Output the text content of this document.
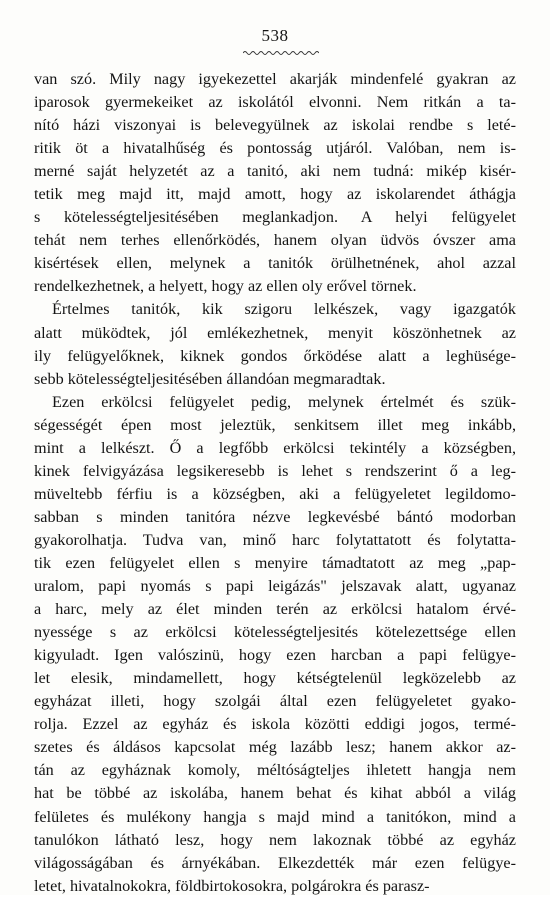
538
van szó. Mily nagy igyekezettel akarják mindenfelé gyakran az
iparosok gyermekeiket az iskolától elvonni. Nem ritkán a ta-
nító házi viszonyai is belevegyülnek az iskolai rendbe s leté-
ritik öt a hivatalhűség és pontosság utjáról. Valóban, nem is-
merné saját helyzetét az a tanitó, aki nem tudná: mikép kisér-
tetik meg majd itt, majd amott, hogy az iskolarendet áthágja
s kötelességteljesitésében meglankadjon. A helyi felügyelet
tehát nem terhes ellenőrködés, hanem olyan üdvös óvszer ama
kisértések ellen, melynek a tanitók örülhetnének, ahol azzal
rendelkezhetnek, a helyett, hogy az ellen oly erővel törnek.
Értelmes tanitók, kik szigoru lelkészek, vagy igazgatók
alatt müködtek, jól emlékezhetnek, menyit köszönhetnek az
ily felügyelőknek, kiknek gondos őrködése alatt a leghüsége-
sebb kötelességteljesitésében állandóan megmaradtak.
Ezen erkölcsi felügyelet pedig, melynek értelmét és szük-
ségességét épen most jeleztük, senkitsem illet meg inkább,
mint a lelkészt. Ő a legfőbb erkölcsi tekintély a községben,
kinek felvigyázása legsikeresebb is lehet s rendszerint ő a leg-
müveltebb férfiu is a községben, aki a felügyeletet legildomo-
sabban s minden tanitóra nézve legkevésbé bántó modorban
gyakorolhatja. Tudva van, minő harc folytattatott és folytatta-
tik ezen felügyelet ellen s menyire támadtatott az meg „pap-
uralom, papi nyomás s papi leigázás" jelszavak alatt, ugyanaz
a harc, mely az élet minden terén az erkölcsi hatalom érvé-
nyessége s az erkölcsi kötelességteljesités kötelezettsége ellen
kigyuladt. Igen valószinü, hogy ezen harcban a papi felügye-
let elesik, mindamellett, hogy kétségtelenül legközelebb az
egyházat illeti, hogy szolgái által ezen felügyeletet gyako-
rolja. Ezzel az egyház és iskola közötti eddigi jogos, termé-
szetes és áldásos kapcsolat még lazább lesz; hanem akkor az-
tán az egyháznak komoly, méltóságteljes ihletett hangja nem
hat be többé az iskolába, hanem behat és kihat abból a világ
felületes és mulékony hangja s majd mind a tanitókon, mind a
tanulókon látható lesz, hogy nem lakoznak többé az egyház
világosságában és árnyékában. Elkezdették már ezen felügye-
letet, hivatalnokokra, földbirtokosokra, polgárokra és parasz-
